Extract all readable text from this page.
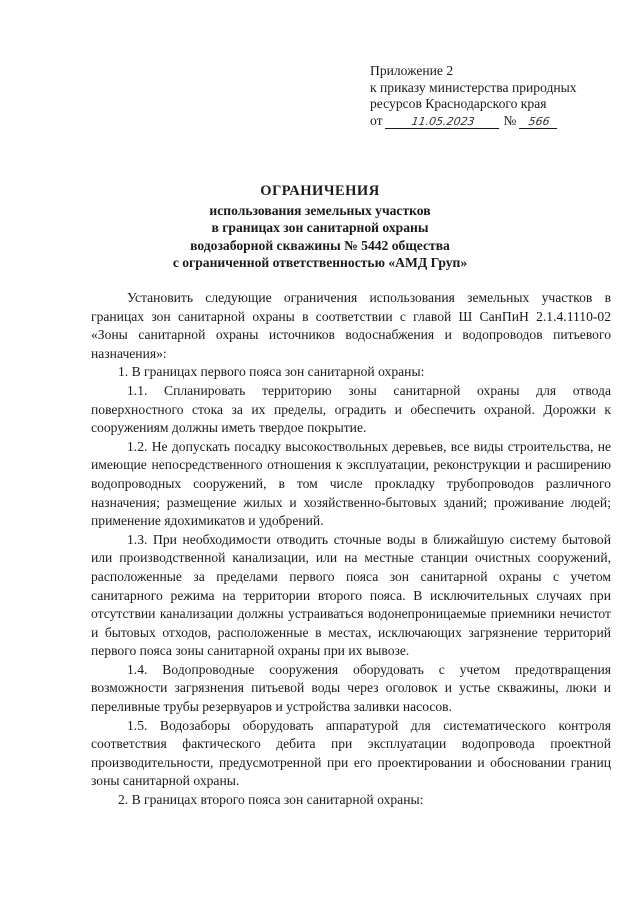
Приложение 2
к приказу министерства природных
ресурсов Краснодарского края
от	11.05.2023 № 566
ОГРАНИЧЕНИЯ
использования земельных участков
в границах зон санитарной охраны
водозаборной скважины № 5442 общества
с ограниченной ответственностью «АМД Груп»

Установить следующие ограничения использования земельных участков в границах зон санитарной охраны в соответствии с главой Ш СанПиН 2.1.4.1110-02 «Зоны санитарной охраны источников водоснабжения и водопроводов питьевого назначения»:

1. В границах первого пояса зон санитарной охраны:

1.1. Спланировать территорию зоны санитарной охраны для отвода поверхностного стока за их пределы, оградить и обеспечить охраной. Дорожки к сооружениям должны иметь твердое покрытие.

1.2. Не допускать посадку высокоствольных деревьев, все виды строительства, не имеющие непосредственного отношения к эксплуатации, реконструкции и расширению водопроводных сооружений, в том числе прокладку трубопроводов различного назначения; размещение жилых и хозяйственно-бытовых зданий; проживание людей; применение ядохимикатов и удобрений.

1.3. При необходимости отводить сточные воды в ближайшую систему бытовой или производственной канализации, или на местные станции очистных сооружений, расположенные за пределами первого пояса зон санитарной охраны с учетом санитарного режима на территории второго пояса. В исключительных случаях при отсутствии канализации должны устраиваться водонепроницаемые приемники нечистот и бытовых отходов, расположенные в местах, исключающих загрязнение территорий первого пояса зоны санитарной охраны при их вывозе.

1.4. Водопроводные сооружения оборудовать с учетом предотвращения возможности загрязнения питьевой воды через оголовок и устье скважины, люки и переливные трубы резервуаров и устройства заливки насосов.

1.5. Водозаборы оборудовать аппаратурой для систематического контроля соответствия фактического дебита при эксплуатации водопровода проектной производительности, предусмотренной при его проектировании и обосновании границ зоны санитарной охраны.

2. В границах второго пояса зон санитарной охраны:
